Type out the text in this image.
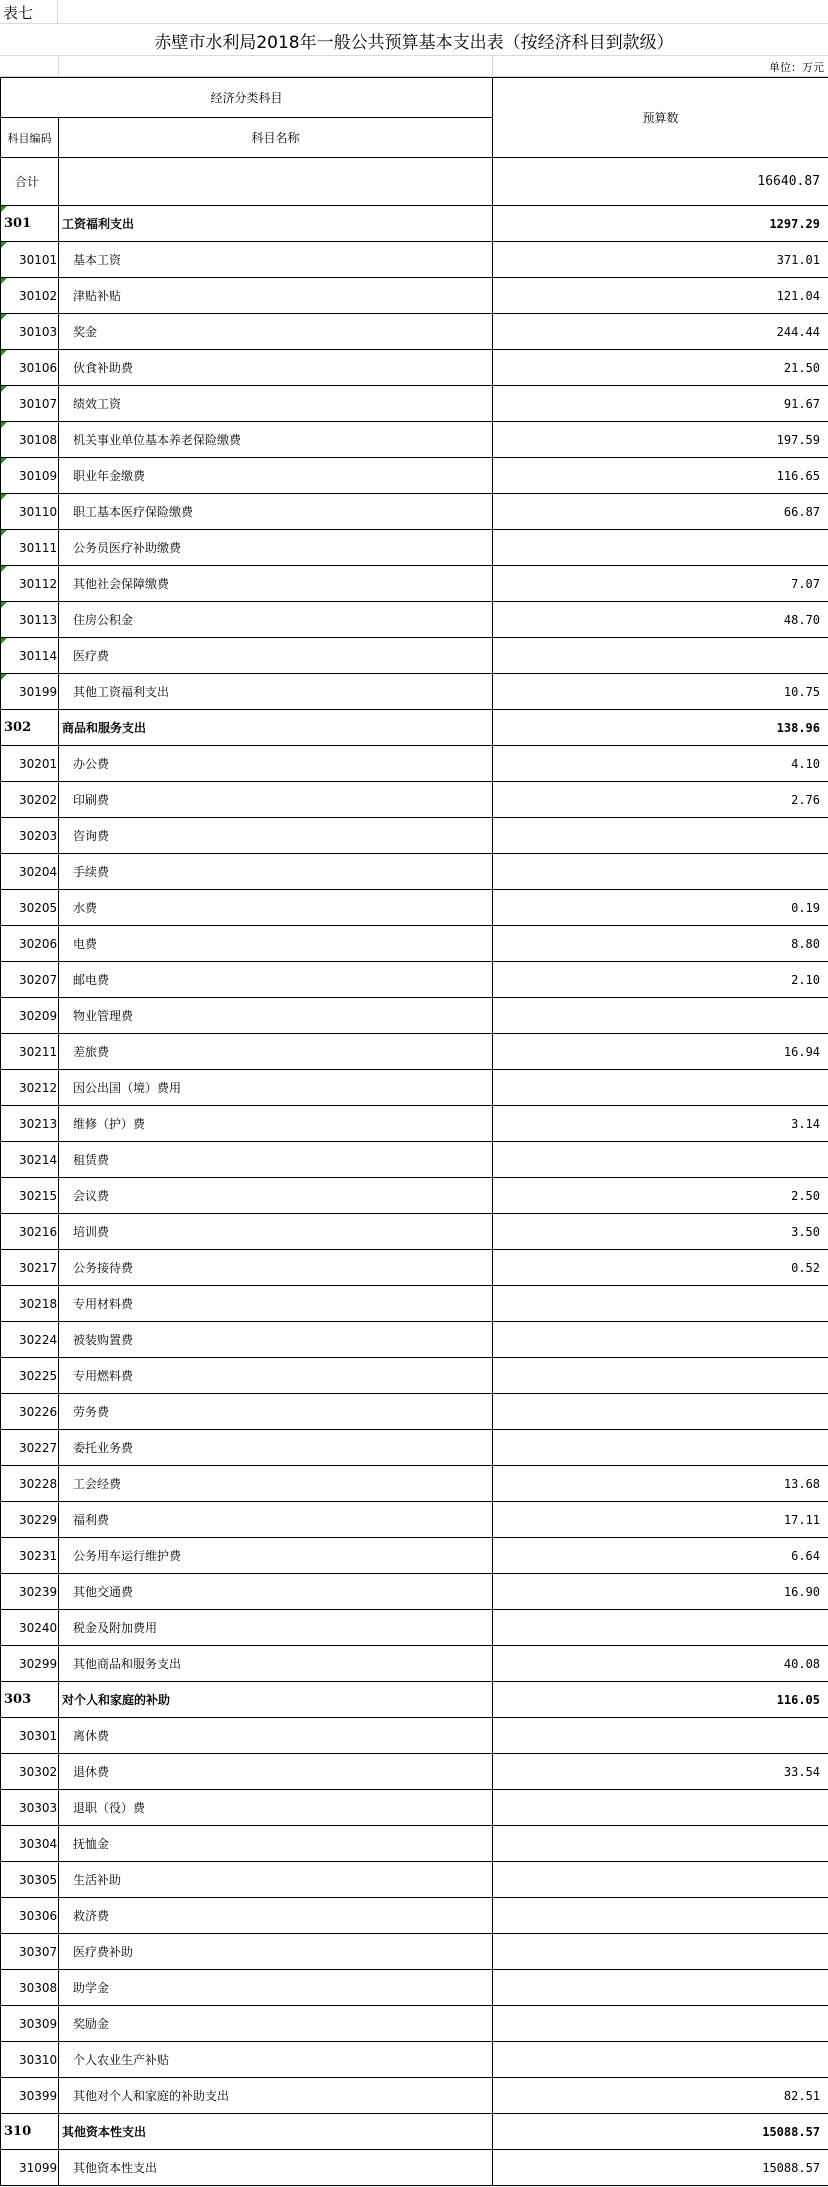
表七
赤壁市水利局2018年一般公共预算基本支出表（按经济科目到款级）
单位：万元
经济分类科目		预算数
科目编码	科目名称	
合计		16640.87
301	工资福利支出	1297.29
30101	基本工资	371.01
30102	津贴补贴	121.04
30103	奖金	244.44
30106	伙食补助费	21.50
30107	绩效工资	91.67
30108	机关事业单位基本养老保险缴费	197.59
30109	职业年金缴费	116.65
30110	职工基本医疗保险缴费	66.87
30111	公务员医疗补助缴费	
30112	其他社会保障缴费	7.07
30113	住房公积金	48.70
30114	医疗费	
30199	其他工资福利支出	10.75
302	商品和服务支出	138.96
30201	办公费	4.10
30202	印刷费	2.76
30203	咨询费	
30204	手续费	
30205	水费	0.19
30206	电费	8.80
30207	邮电费	2.10
30209	物业管理费	
30211	差旅费	16.94
30212	因公出国（境）费用	
30213	维修（护）费	3.14
30214	租赁费	
30215	会议费	2.50
30216	培训费	3.50
30217	公务接待费	0.52
30218	专用材料费	
30224	被装购置费	
30225	专用燃料费	
30226	劳务费	
30227	委托业务费	
30228	工会经费	13.68
30229	福利费	17.11
30231	公务用车运行维护费	6.64
30239	其他交通费	16.90
30240	税金及附加费用	
30299	其他商品和服务支出	40.08
303	对个人和家庭的补助	116.05
30301	离休费	
30302	退休费	33.54
30303	退职（役）费	
30304	抚恤金	
30305	生活补助	
30306	救济费	
30307	医疗费补助	
30308	助学金	
30309	奖励金	
30310	个人农业生产补贴	
30399	其他对个人和家庭的补助支出	82.51
310	其他资本性支出	15088.57
31099	其他资本性支出	15088.57
